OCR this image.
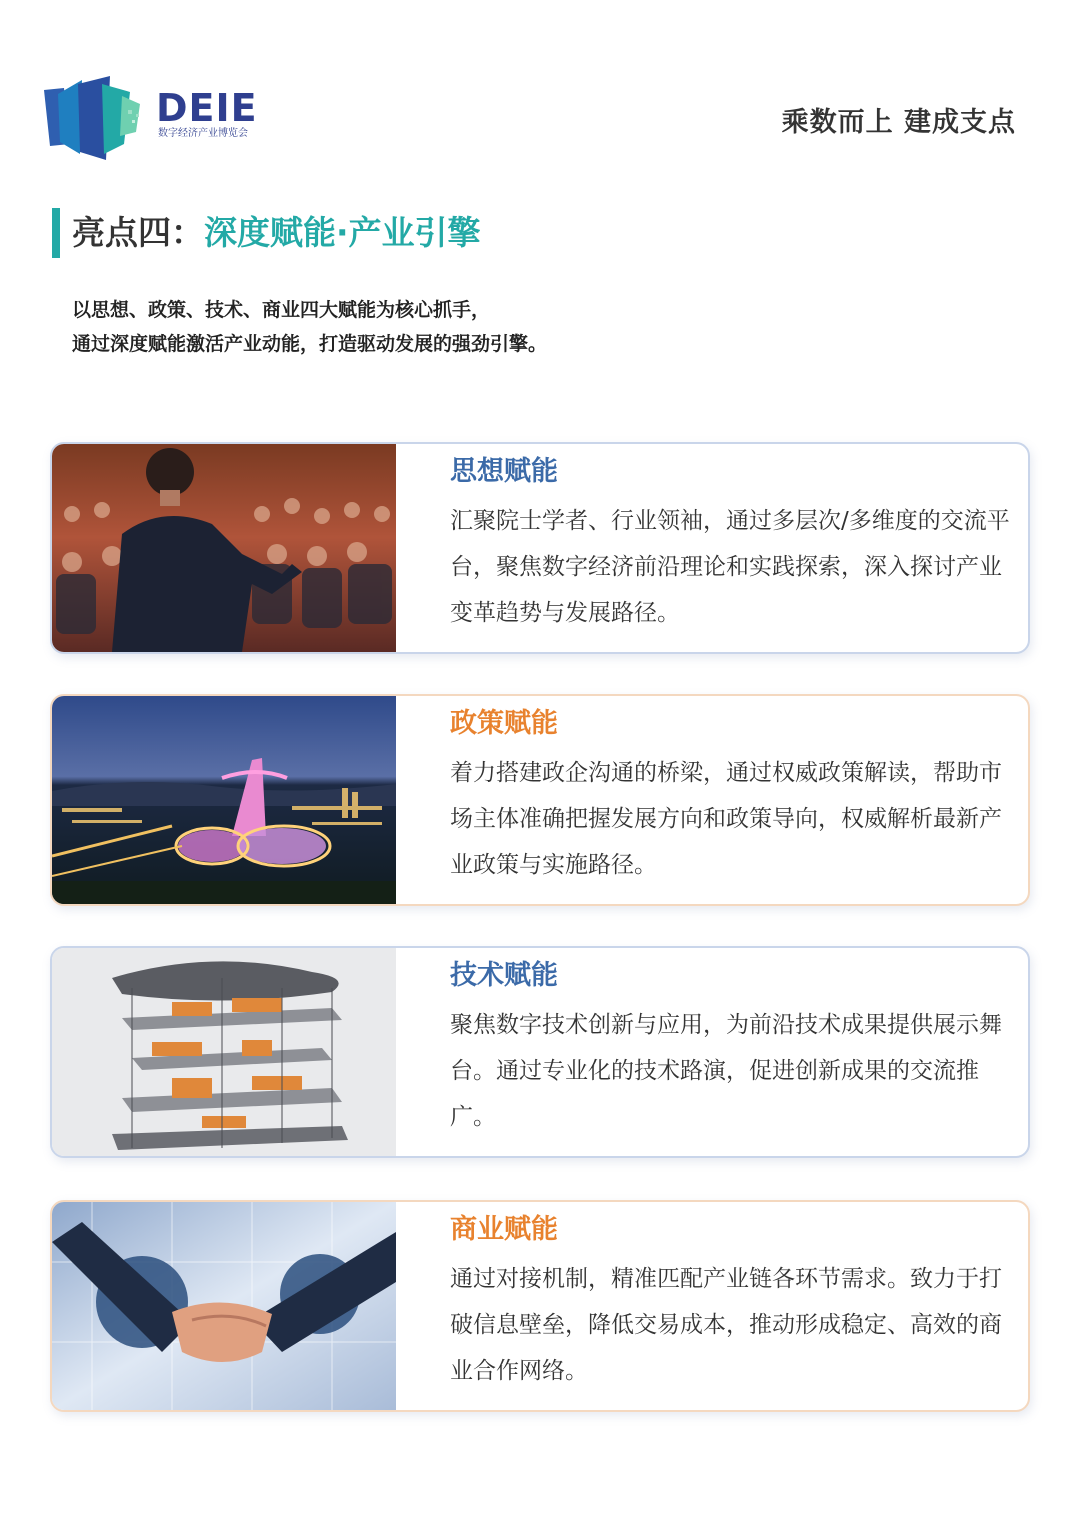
DEIE
数字经济产业博览会	乘数而上 建成支点
亮点四：深度赋能·产业引擎
以思想、政策、技术、商业四大赋能为核心抓手，
通过深度赋能激活产业动能，打造驱动发展的强劲引擎。
思想赋能
汇聚院士学者、行业领袖，通过多层次/多维度的交流平台，聚焦数字经济前沿理论和实践探索，深入探讨产业变革趋势与发展路径。
政策赋能
着力搭建政企沟通的桥梁，通过权威政策解读，帮助市场主体准确把握发展方向和政策导向，权威解析最新产业政策与实施路径。
技术赋能
聚焦数字技术创新与应用，为前沿技术成果提供展示舞台。通过专业化的技术路演，促进创新成果的交流推广。
商业赋能
通过对接机制，精准匹配产业链各环节需求。致力于打破信息壁垒，降低交易成本，推动形成稳定、高效的商业合作网络。
